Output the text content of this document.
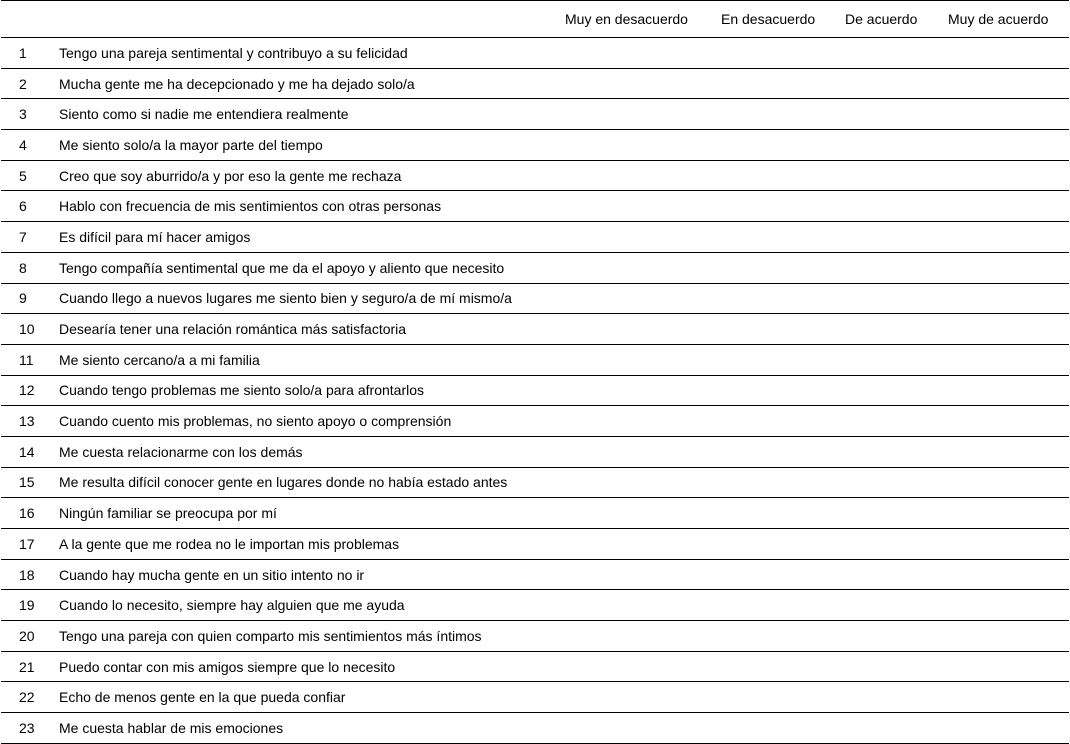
		Muy en desacuerdo	En desacuerdo	De acuerdo	Muy de acuerdo
1	Tengo una pareja sentimental y contribuyo a su felicidad				
2	Mucha gente me ha decepcionado y me ha dejado solo/a				
3	Siento como si nadie me entendiera realmente				
4	Me siento solo/a la mayor parte del tiempo				
5	Creo que soy aburrido/a y por eso la gente me rechaza				
6	Hablo con frecuencia de mis sentimientos con otras personas				
7	Es difícil para mí hacer amigos				
8	Tengo compañía sentimental que me da el apoyo y aliento que necesito				
9	Cuando llego a nuevos lugares me siento bien y seguro/a de mí mismo/a				
10	Desearía tener una relación romántica más satisfactoria				
11	Me siento cercano/a a mi familia				
12	Cuando tengo problemas me siento solo/a para afrontarlos				
13	Cuando cuento mis problemas, no siento apoyo o comprensión				
14	Me cuesta relacionarme con los demás				
15	Me resulta difícil conocer gente en lugares donde no había estado antes				
16	Ningún familiar se preocupa por mí				
17	A la gente que me rodea no le importan mis problemas				
18	Cuando hay mucha gente en un sitio intento no ir				
19	Cuando lo necesito, siempre hay alguien que me ayuda				
20	Tengo una pareja con quien comparto mis sentimientos más íntimos				
21	Puedo contar con mis amigos siempre que lo necesito				
22	Echo de menos gente en la que pueda confiar				
23	Me cuesta hablar de mis emociones				
